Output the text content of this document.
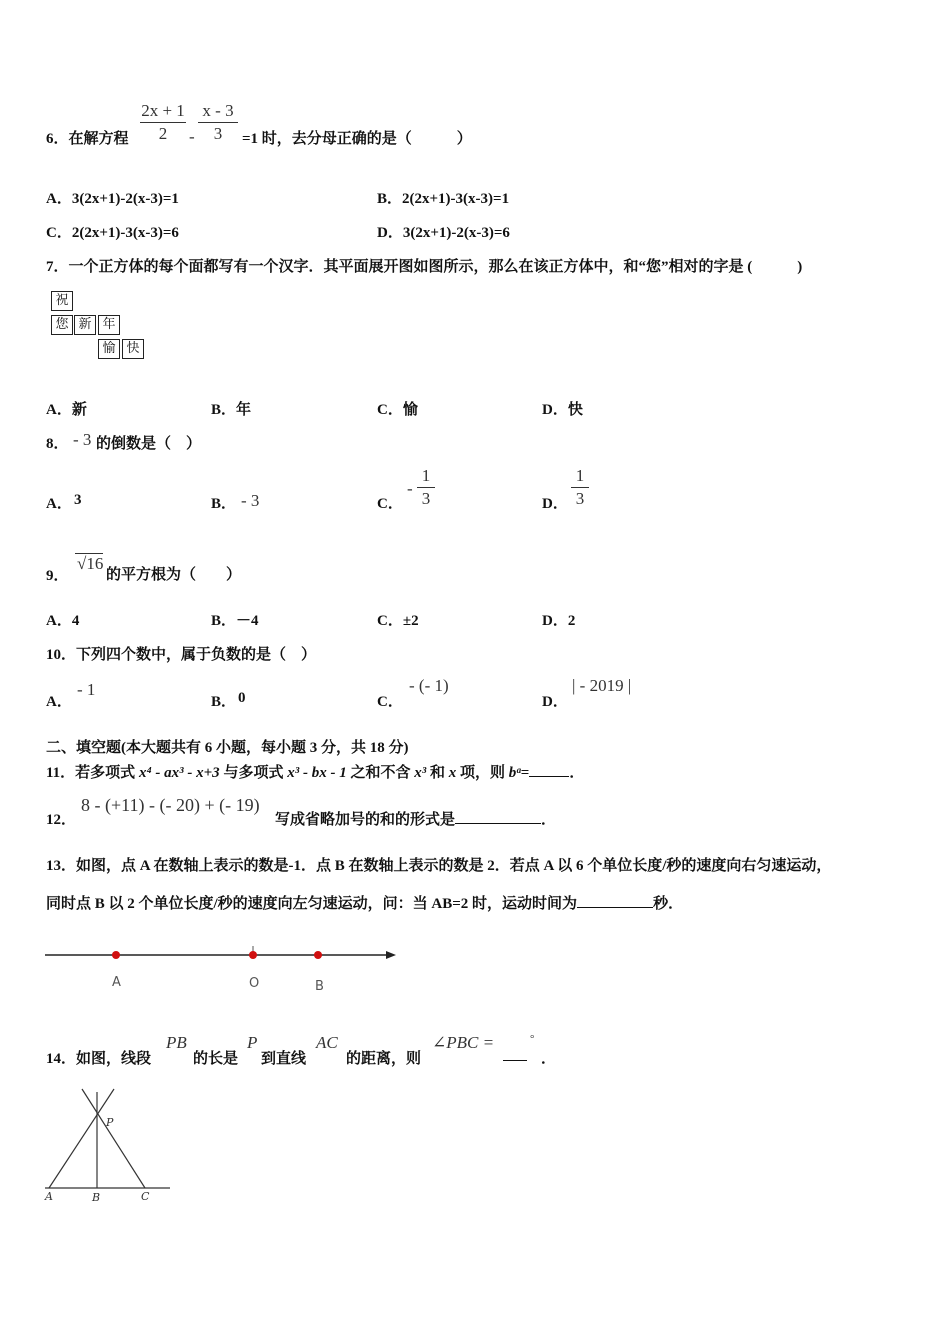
6．在解方程
2x + 1
2	-
x - 3
3	=1 时，去分母正确的是（　　　）
A．3(2x+1)-2(x-3)=1	B．2(2x+1)-3(x-3)=1
C．2(2x+1)-3(x-3)=6	D．3(2x+1)-2(x-3)=6
7．一个正方体的每个面都写有一个汉字．其平面展开图如图所示，那么在该正方体中，和“您”相对的字是 (　　　)
祝
您 新 年
愉 快
A．新	B．年	C．愉	D．快
8． - 3 的倒数是（　）
A． 3	B． - 3	C．
-
1
3	D．
1
3
9．
√16
的平方根为（　　）
A．4	B．－4	C．±2	D．2
10．下列四个数中，属于负数的是（　）
A．
- 1
B． 0	C．
- (- 1)
D．
| - 2019 |
二、填空题(本大题共有 6 小题，每小题 3 分，共 18 分)
11．若多项式 x⁴ - ax³ - x+3 与多项式 x³ - bx - 1 之和不含 x³ 和 x 项，则 bᵃ=	．
12．
8 - (+11) - (- 20) + (- 19)
写成省略加号的和的形式是	．
13．如图，点 A 在数轴上表示的数是-1．点 B 在数轴上表示的数是 2．若点 A 以 6 个单位长度/秒的速度向右匀速运动，
同时点 B 以 2 个单位长度/秒的速度向左匀速运动，问：当 AB=2 时，运动时间为	秒．
A	O	B
14．如图，线段
PB
的长是
P
到直线
AC
的距离，则
∠PBC =	°
．
P
A	B	C
